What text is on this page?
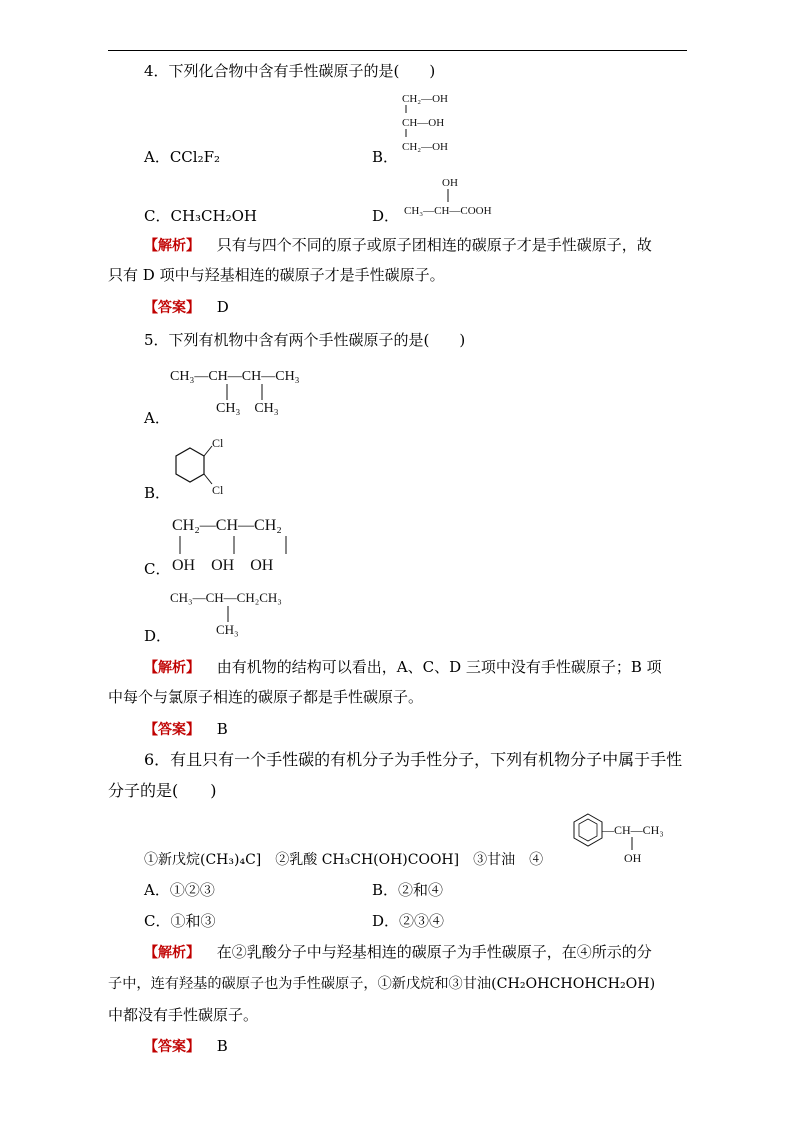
4．下列化合物中含有手性碳原子的是(　　)
CH₂—OH
CH—OH
CH₂—OH
A．CCl₂F₂	B．
OH
CH₃—CH—COOH
C．CH₃CH₂OH	D．
【解析】 只有与四个不同的原子或原子团相连的碳原子才是手性碳原子，故
只有 D 项中与羟基相连的碳原子才是手性碳原子。
【答案】 D
5．下列有机物中含有两个手性碳原子的是(　　)
CH₃—CH—CH—CH₃
CH₃　CH₃
A．
Cl
Cl
B．
CH₂—CH—CH₂
OH　OH　OH
C．
CH₃—CH—CH₂CH₃
CH₃
D．
【解析】 由有机物的结构可以看出，A、C、D 三项中没有手性碳原子；B 项
中每个与氯原子相连的碳原子都是手性碳原子。
【答案】 B
6．有且只有一个手性碳的有机分子为手性分子，下列有机物分子中属于手性
分子的是(　　)
—CH—CH₃
OH
①新戊烷(CH₃)₄C]　②乳酸 CH₃CH(OH)COOH]　③甘油　④
A．①②③	B．②和④
C．①和③	D．②③④
【解析】 在②乳酸分子中与羟基相连的碳原子为手性碳原子，在④所示的分
子中，连有羟基的碳原子也为手性碳原子，①新戊烷和③甘油(CH₂OHCHOHCH₂OH)
中都没有手性碳原子。
【答案】 B
